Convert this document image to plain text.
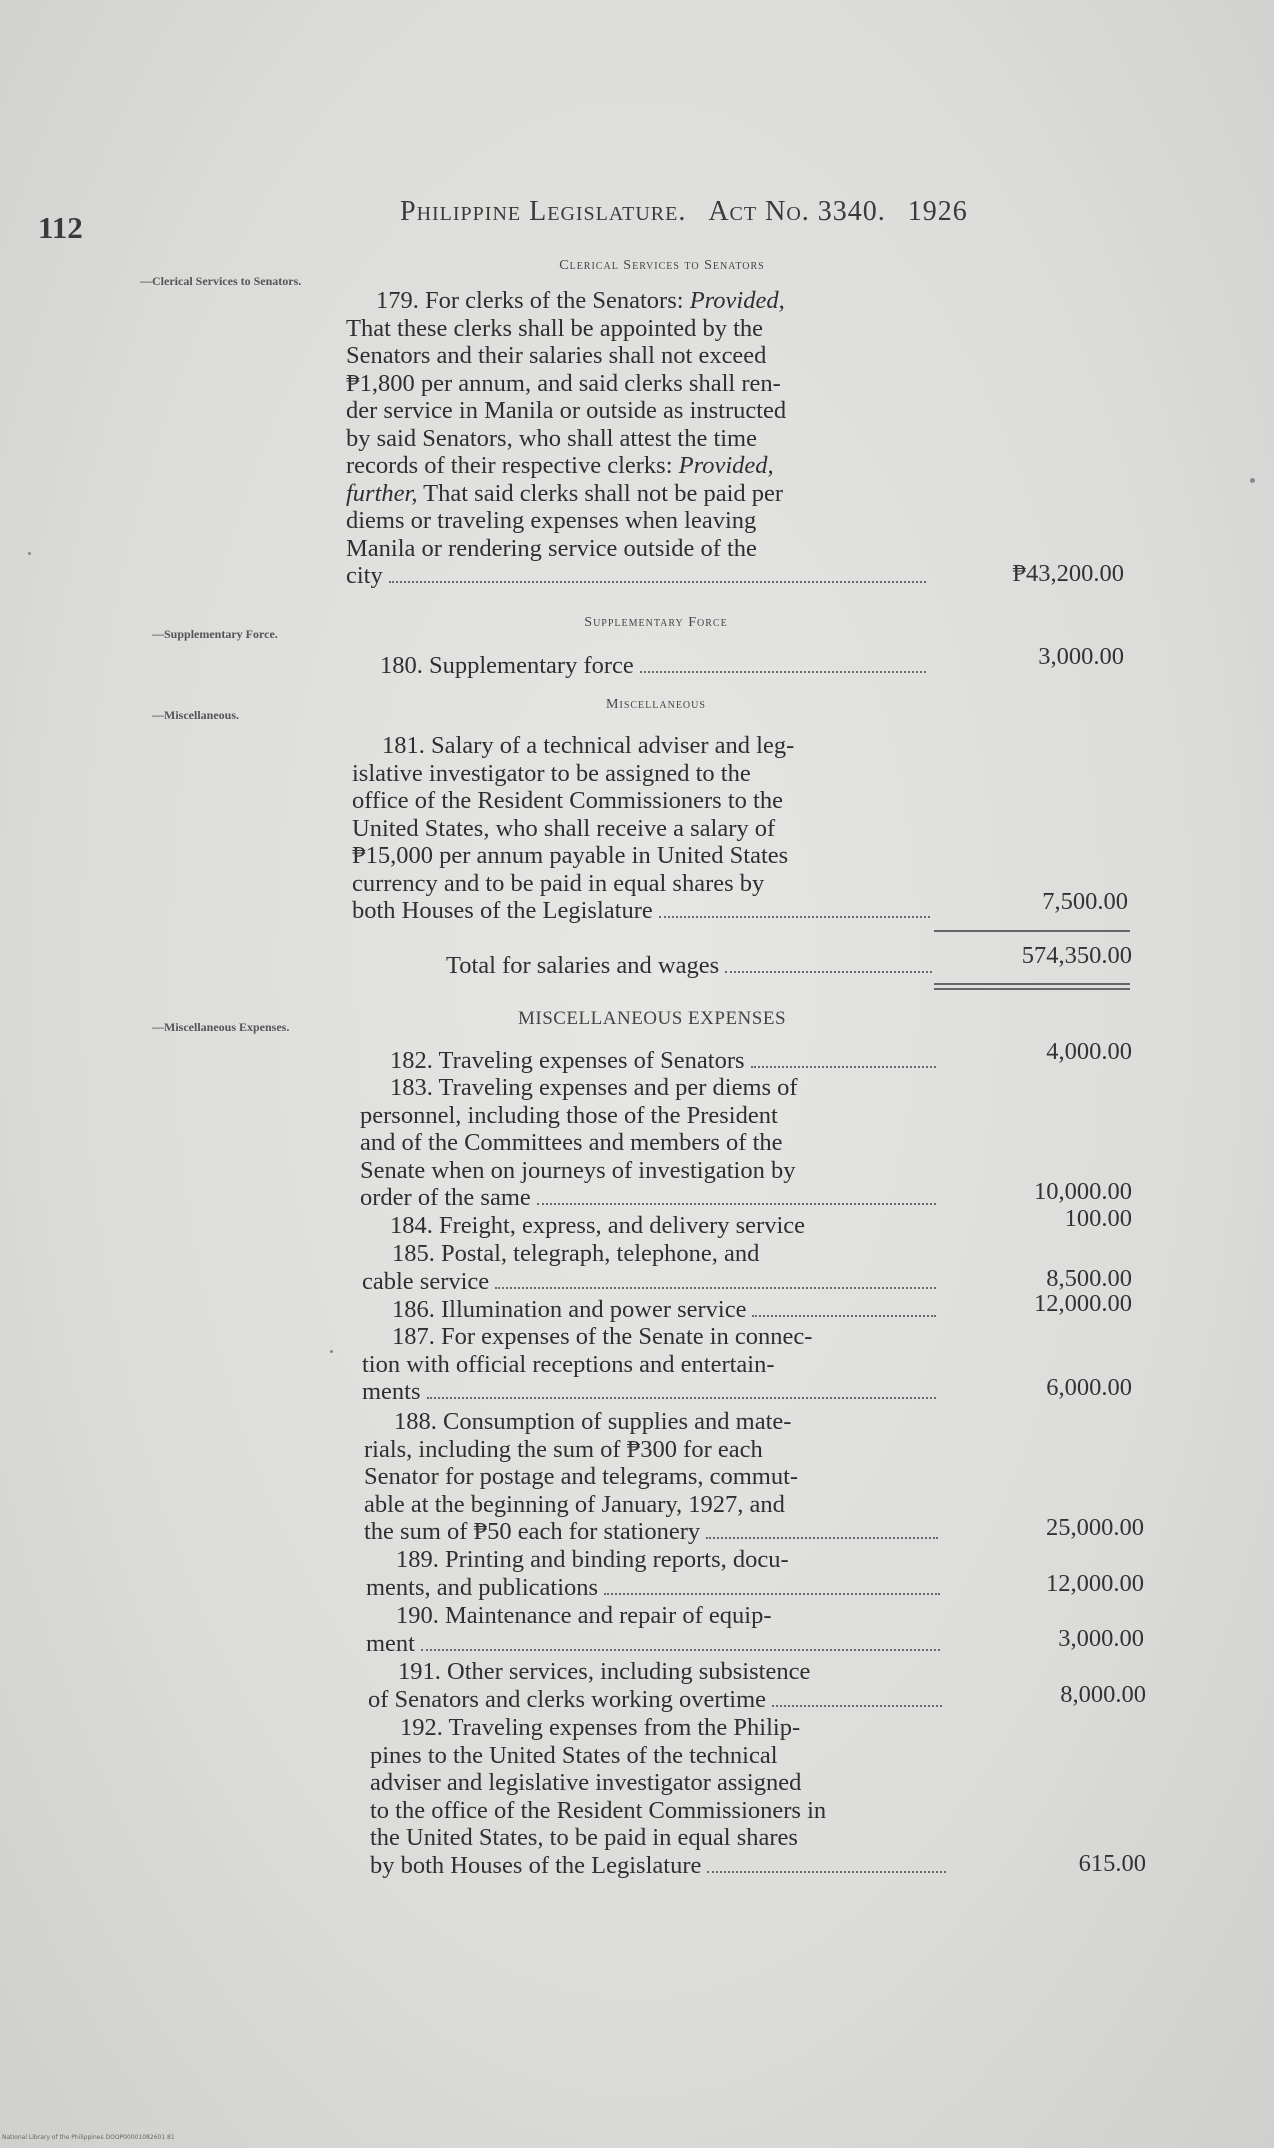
112	Philippine Legislature. Act No. 3340. 1926
—Clerical Services to Senators.
Clerical Services to Senators
179. For clerks of the Senators: Provided,
That these clerks shall be appointed by the
Senators and their salaries shall not exceed
₱1,800 per annum, and said clerks shall ren-
der service in Manila or outside as instructed
by said Senators, who shall attest the time
records of their respective clerks: Provided,
further, That said clerks shall not be paid per
diems or traveling expenses when leaving
Manila or rendering service outside of the
city	₱43,200.00
—Supplementary Force.
Supplementary Force
180. Supplementary force	3,000.00
—Miscellaneous.
Miscellaneous
181. Salary of a technical adviser and leg-
islative investigator to be assigned to the
office of the Resident Commissioners to the
United States, who shall receive a salary of
₱15,000 per annum payable in United States
currency and to be paid in equal shares by
both Houses of the Legislature	7,500.00
Total for salaries and wages	574,350.00
—Miscellaneous Expenses.	MISCELLANEOUS EXPENSES
182. Traveling expenses of Senators	4,000.00
183. Traveling expenses and per diems of
personnel, including those of the President
and of the Committees and members of the
Senate when on journeys of investigation by
order of the same	10,000.00
184. Freight, express, and delivery service	100.00
185. Postal, telegraph, telephone, and
cable service	8,500.00
186. Illumination and power service	12,000.00
187. For expenses of the Senate in connec-
tion with official receptions and entertain-
ments	6,000.00
188. Consumption of supplies and mate-
rials, including the sum of ₱300 for each
Senator for postage and telegrams, commut-
able at the beginning of January, 1927, and
the sum of ₱50 each for stationery	25,000.00
189. Printing and binding reports, docu-
ments, and publications	12,000.00
190. Maintenance and repair of equip-
ment	3,000.00
191. Other services, including subsistence
of Senators and clerks working overtime	8,000.00
192. Traveling expenses from the Philip-
pines to the United States of the technical
adviser and legislative investigator assigned
to the office of the Resident Commissioners in
the United States, to be paid in equal shares
by both Houses of the Legislature	615.00
National Library of the Philippines DOOP00001082601 81
